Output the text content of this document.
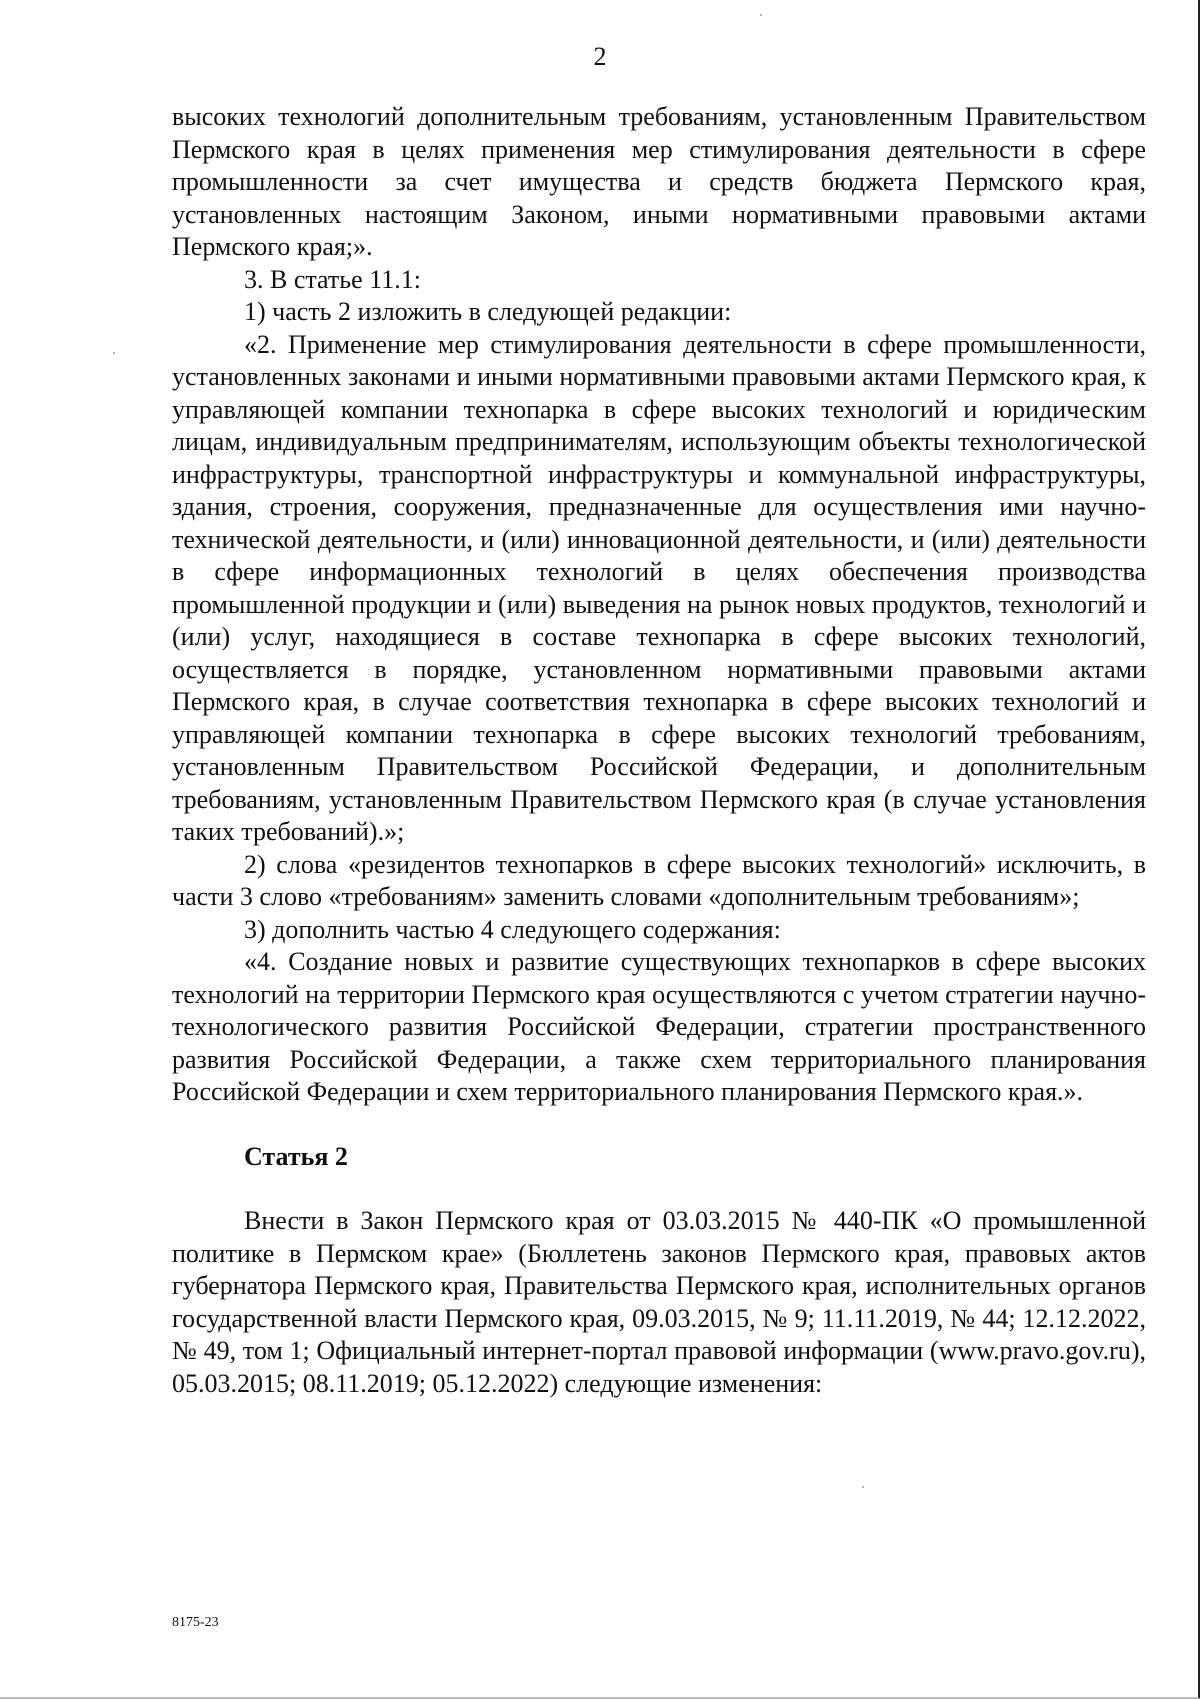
2

высоких технологий дополнительным требованиям, установленным Правительством Пермского края в целях применения мер стимулирования деятельности в сфере промышленности за счет имущества и средств бюджета Пермского края, установленных настоящим Законом, иными нормативными правовыми актами Пермского края;».

3. В статье 11.1:

1) часть 2 изложить в следующей редакции:

«2. Применение мер стимулирования деятельности в сфере промышленности, установленных законами и иными нормативными правовыми актами Пермского края, к управляющей компании технопарка в сфере высоких технологий и юридическим лицам, индивидуальным предпринимателям, использующим объекты технологической инфраструктуры, транспортной инфраструктуры и коммунальной инфраструктуры, здания, строения, сооружения, предназначенные для осуществления ими научно-технической деятельности, и (или) инновационной деятельности, и (или) деятельности в сфере информационных технологий в целях обеспечения производства промышленной продукции и (или) выведения на рынок новых продуктов, технологий и (или) услуг, находящиеся в составе технопарка в сфере высоких технологий, осуществляется в порядке, установленном нормативными правовыми актами Пермского края, в случае соответствия технопарка в сфере высоких технологий и управляющей компании технопарка в сфере высоких технологий требованиям, установленным Правительством Российской Федерации, и дополнительным требованиям, установленным Правительством Пермского края (в случае установления таких требований).»;

2) слова «резидентов технопарков в сфере высоких технологий» исключить, в части 3 слово «требованиям» заменить словами «дополнительным требованиям»;

3) дополнить частью 4 следующего содержания:

«4. Создание новых и развитие существующих технопарков в сфере высоких технологий на территории Пермского края осуществляются с учетом стратегии научно-технологического развития Российской Федерации, стратегии пространственного развития Российской Федерации, а также схем территориального планирования Российской Федерации и схем территориального планирования Пермского края.».

Статья 2

Внести в Закон Пермского края от 03.03.2015 № 440-ПК «О промышленной политике в Пермском крае» (Бюллетень законов Пермского края, правовых актов губернатора Пермского края, Правительства Пермского края, исполнительных органов государственной власти Пермского края, 09.03.2015, № 9; 11.11.2019, № 44; 12.12.2022, № 49, том 1; Официальный интернет-портал правовой информации (www.pravo.gov.ru), 05.03.2015; 08.11.2019; 05.12.2022) следующие изменения:

8175-23
